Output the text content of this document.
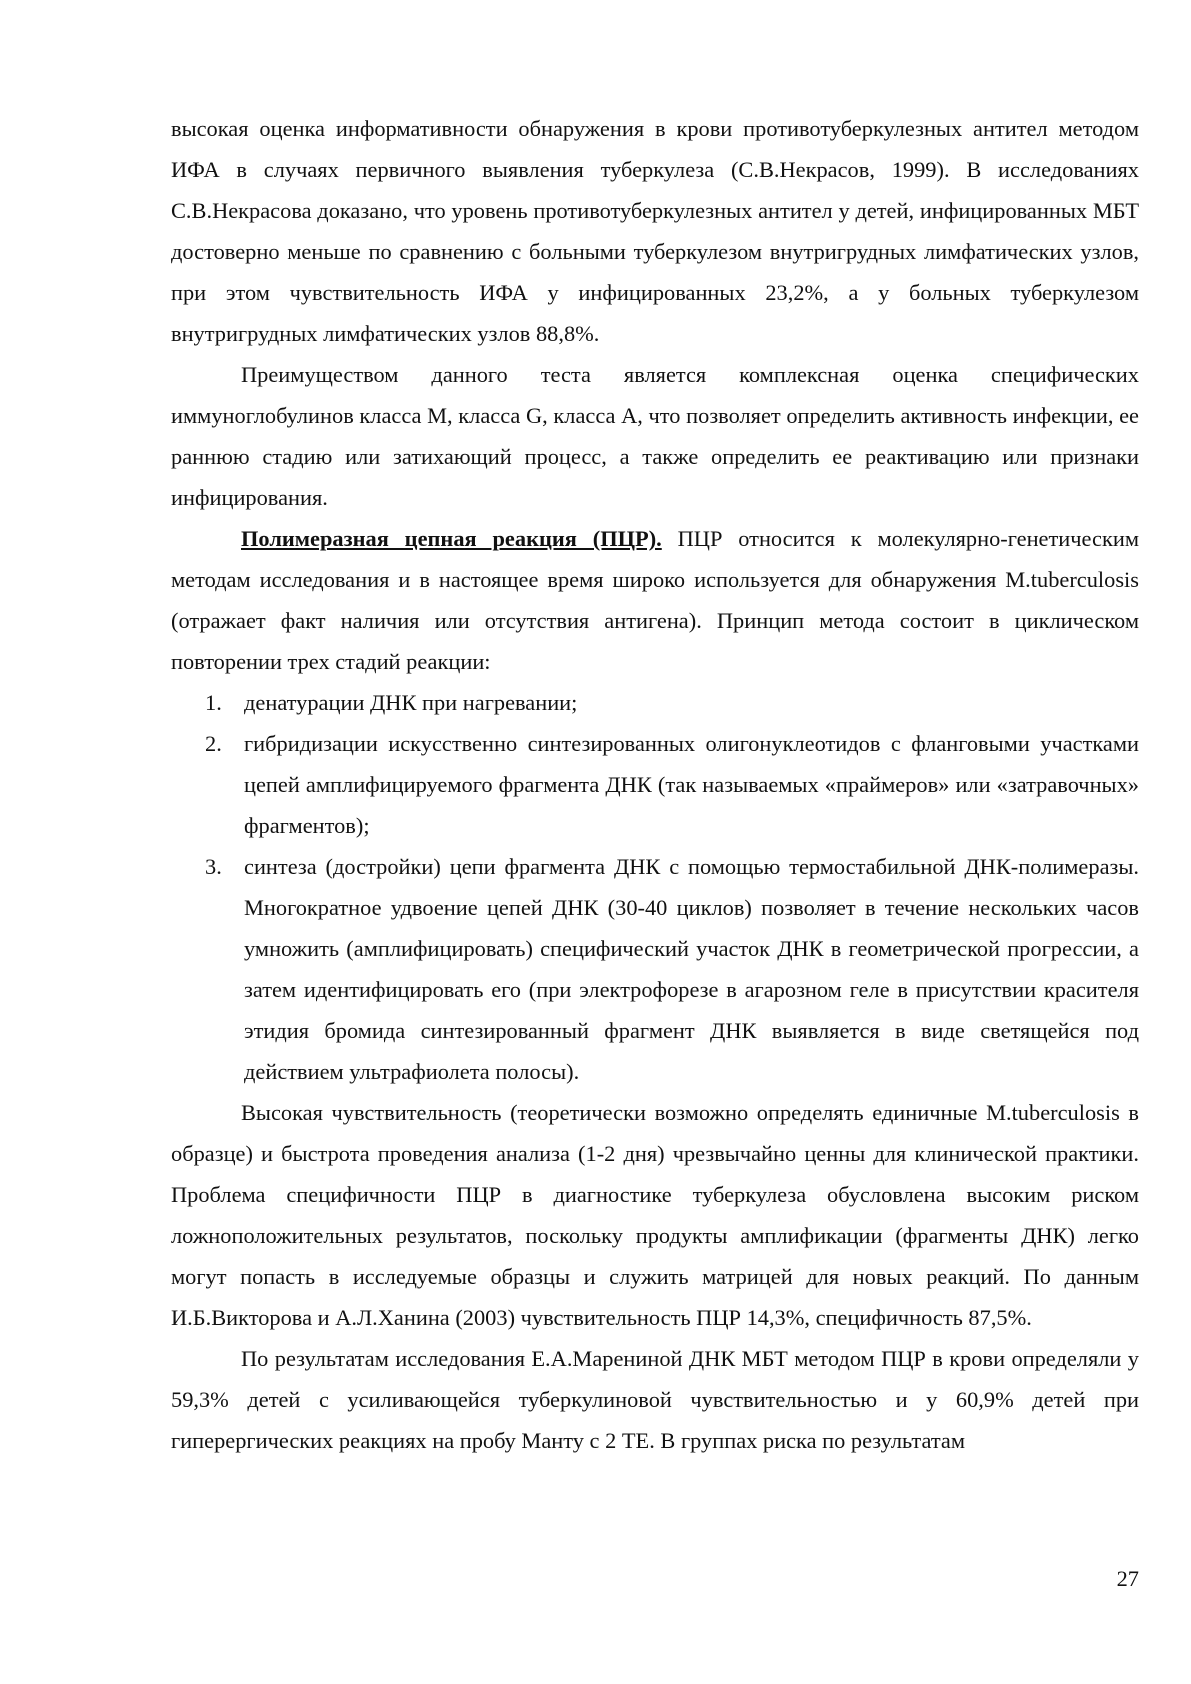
высокая оценка информативности обнаружения в крови противотуберкулезных антител методом ИФА в случаях первичного выявления туберкулеза (С.В.Некрасов, 1999). В исследованиях С.В.Некрасова доказано, что уровень противотуберкулезных антител у детей, инфицированных МБТ достоверно меньше по сравнению с больными туберкулезом внутригрудных лимфатических узлов, при этом чувствительность ИФА у инфицированных 23,2%, а у больных туберкулезом внутригрудных лимфатических узлов 88,8%.

Преимуществом данного теста является комплексная оценка специфических иммуноглобулинов класса M, класса G, класса A, что позволяет определить активность инфекции, ее раннюю стадию или затихающий процесс, а также определить ее реактивацию или признаки инфицирования.

Полимеразная цепная реакция (ПЦР). ПЦР относится к молекулярно-генетическим методам исследования и в настоящее время широко используется для обнаружения M.tuberculosis (отражает факт наличия или отсутствия антигена). Принцип метода состоит в циклическом повторении трех стадий реакции:

1. денатурации ДНК при нагревании;
2. гибридизации искусственно синтезированных олигонуклеотидов с фланговыми участками цепей амплифицируемого фрагмента ДНК (так называемых «праймеров» или «затравочных» фрагментов);
3. синтеза (достройки) цепи фрагмента ДНК с помощью термостабильной ДНК-полимеразы. Многократное удвоение цепей ДНК (30-40 циклов) позволяет в течение нескольких часов умножить (амплифицировать) специфический участок ДНК в геометрической прогрессии, а затем идентифицировать его (при электрофорезе в агарозном геле в присутствии красителя этидия бромида синтезированный фрагмент ДНК выявляется в виде светящейся под действием ультрафиолета полосы).

Высокая чувствительность (теоретически возможно определять единичные M.tuberculosis в образце) и быстрота проведения анализа (1-2 дня) чрезвычайно ценны для клинической практики. Проблема специфичности ПЦР в диагностике туберкулеза обусловлена высоким риском ложноположительных результатов, поскольку продукты амплификации (фрагменты ДНК) легко могут попасть в исследуемые образцы и служить матрицей для новых реакций. По данным И.Б.Викторова и А.Л.Ханина (2003) чувствительность ПЦР 14,3%, специфичность 87,5%.

По результатам исследования Е.А.Марениной ДНК МБТ методом ПЦР в крови определяли у 59,3% детей с усиливающейся туберкулиновой чувствительностью и у 60,9% детей при гиперергических реакциях на пробу Манту с 2 ТЕ. В группах риска по результатам

27
